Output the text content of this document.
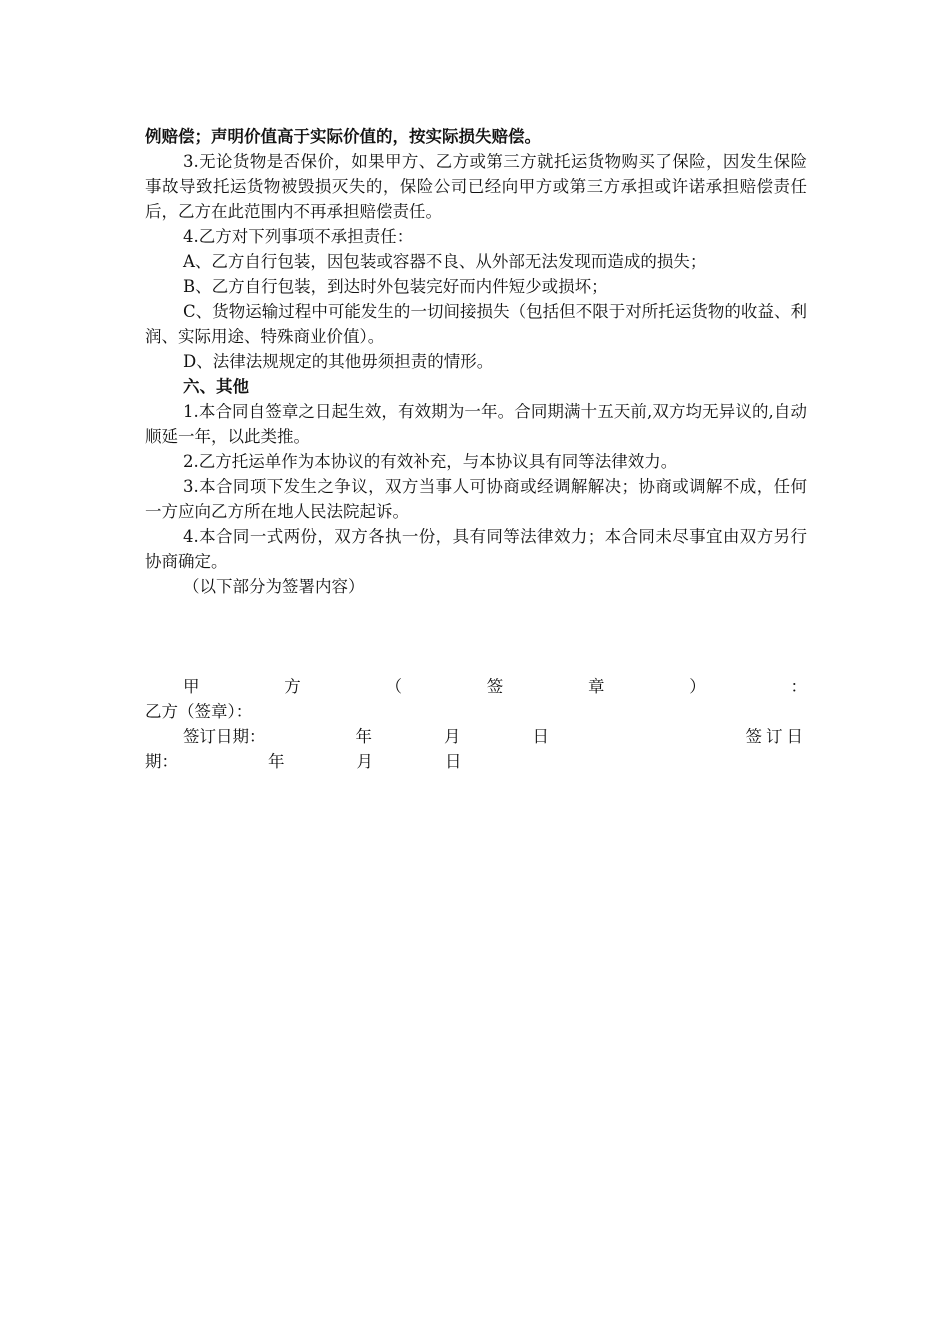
例赔偿；声明价值高于实际价值的，按实际损失赔偿。

3.无论货物是否保价，如果甲方、乙方或第三方就托运货物购买了保险，因发生保险事故导致托运货物被毁损灭失的，保险公司已经向甲方或第三方承担或许诺承担赔偿责任后，乙方在此范围内不再承担赔偿责任。

4.乙方对下列事项不承担责任：

A、乙方自行包装，因包装或容器不良、从外部无法发现而造成的损失；

B、乙方自行包装，到达时外包装完好而内件短少或损坏；

C、货物运输过程中可能发生的一切间接损失（包括但不限于对所托运货物的收益、利润、实际用途、特殊商业价值）。

D、法律法规规定的其他毋须担责的情形。

六、其他

1.本合同自签章之日起生效，有效期为一年。合同期满十五天前,双方均无异议的,自动顺延一年，以此类推。

2.乙方托运单作为本协议的有效补充，与本协议具有同等法律效力。

3.本合同项下发生之争议，双方当事人可协商或经调解解决；协商或调解不成，任何一方应向乙方所在地人民法院起诉。

4.本合同一式两份，双方各执一份，具有同等法律效力；本合同未尽事宜由双方另行协商确定。

（以下部分为签署内容）

甲	方	（	签	章	）	：

乙方（签章）：

签订日期：	年	月	日	签订日
期：	年	月	日
